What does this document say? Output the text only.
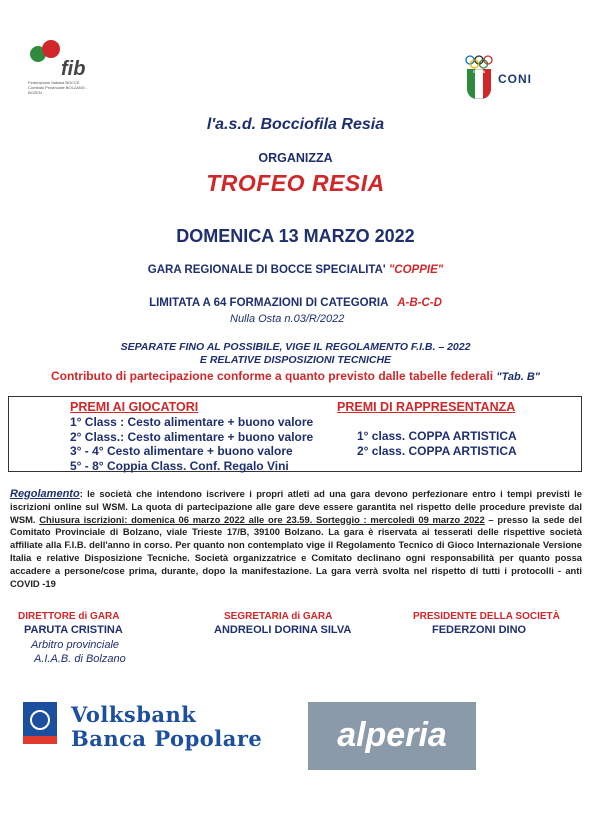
fib
Federazione Italiana BOCCE Comitato Provinciale BOLZANO - BOZEN
ITALIA
CONI
l'a.s.d. Bocciofila Resia
ORGANIZZA
TROFEO RESIA
DOMENICA 13 MARZO 2022
GARA REGIONALE DI BOCCE SPECIALITA' "COPPIE"
LIMITATA A 64 FORMAZIONI DI CATEGORIA A-B-C-D
Nulla Osta n.03/R/2022
SEPARATE FINO AL POSSIBILE, VIGE IL REGOLAMENTO F.I.B. – 2022
E RELATIVE DISPOSIZIONI TECNICHE
Contributo di partecipazione conforme a quanto previsto dalle tabelle federali "Tab. B"
PREMI AI GIOCATORI
1° Class : Cesto alimentare + buono valore
2° Class.: Cesto alimentare + buono valore
3° - 4° Cesto alimentare + buono valore
5° - 8° Coppia Class. Conf. Regalo Vini
PREMI DI RAPPRESENTANZA
1° class. COPPA ARTISTICA
2° class. COPPA ARTISTICA
Regolamento: le società che intendono iscrivere i propri atleti ad una gara devono perfezionare entro i tempi previsti le iscrizioni online sul WSM. La quota di partecipazione alle gare deve essere garantita nel rispetto delle procedure previste dal WSM. Chiusura iscrizioni: domenica 06 marzo 2022 alle ore 23.59. Sorteggio : mercoledì 09 marzo 2022 – presso la sede del Comitato Provinciale di Bolzano, viale Trieste 17/B, 39100 Bolzano. La gara è riservata ai tesserati delle rispettive società affiliate alla F.I.B. dell'anno in corso. Per quanto non contemplato vige il Regolamento Tecnico di Gioco Internazionale Versione Italia e relative Disposizione Tecniche. Società organizzatrice e Comitato declinano ogni responsabilità per quanto possa accadere a persone/cose prima, durante, dopo la manifestazione. La gara verrà svolta nel rispetto di tutti i protocolli - anti COVID -19
DIRETTORE di GARA
PARUTA CRISTINA
Arbitro provinciale
A.I.A.B. di Bolzano
SEGRETARIA di GARA
ANDREOLI DORINA SILVA
PRESIDENTE DELLA SOCIETÀ
FEDERZONI DINO
Volksbank
Banca Popolare	alperia
